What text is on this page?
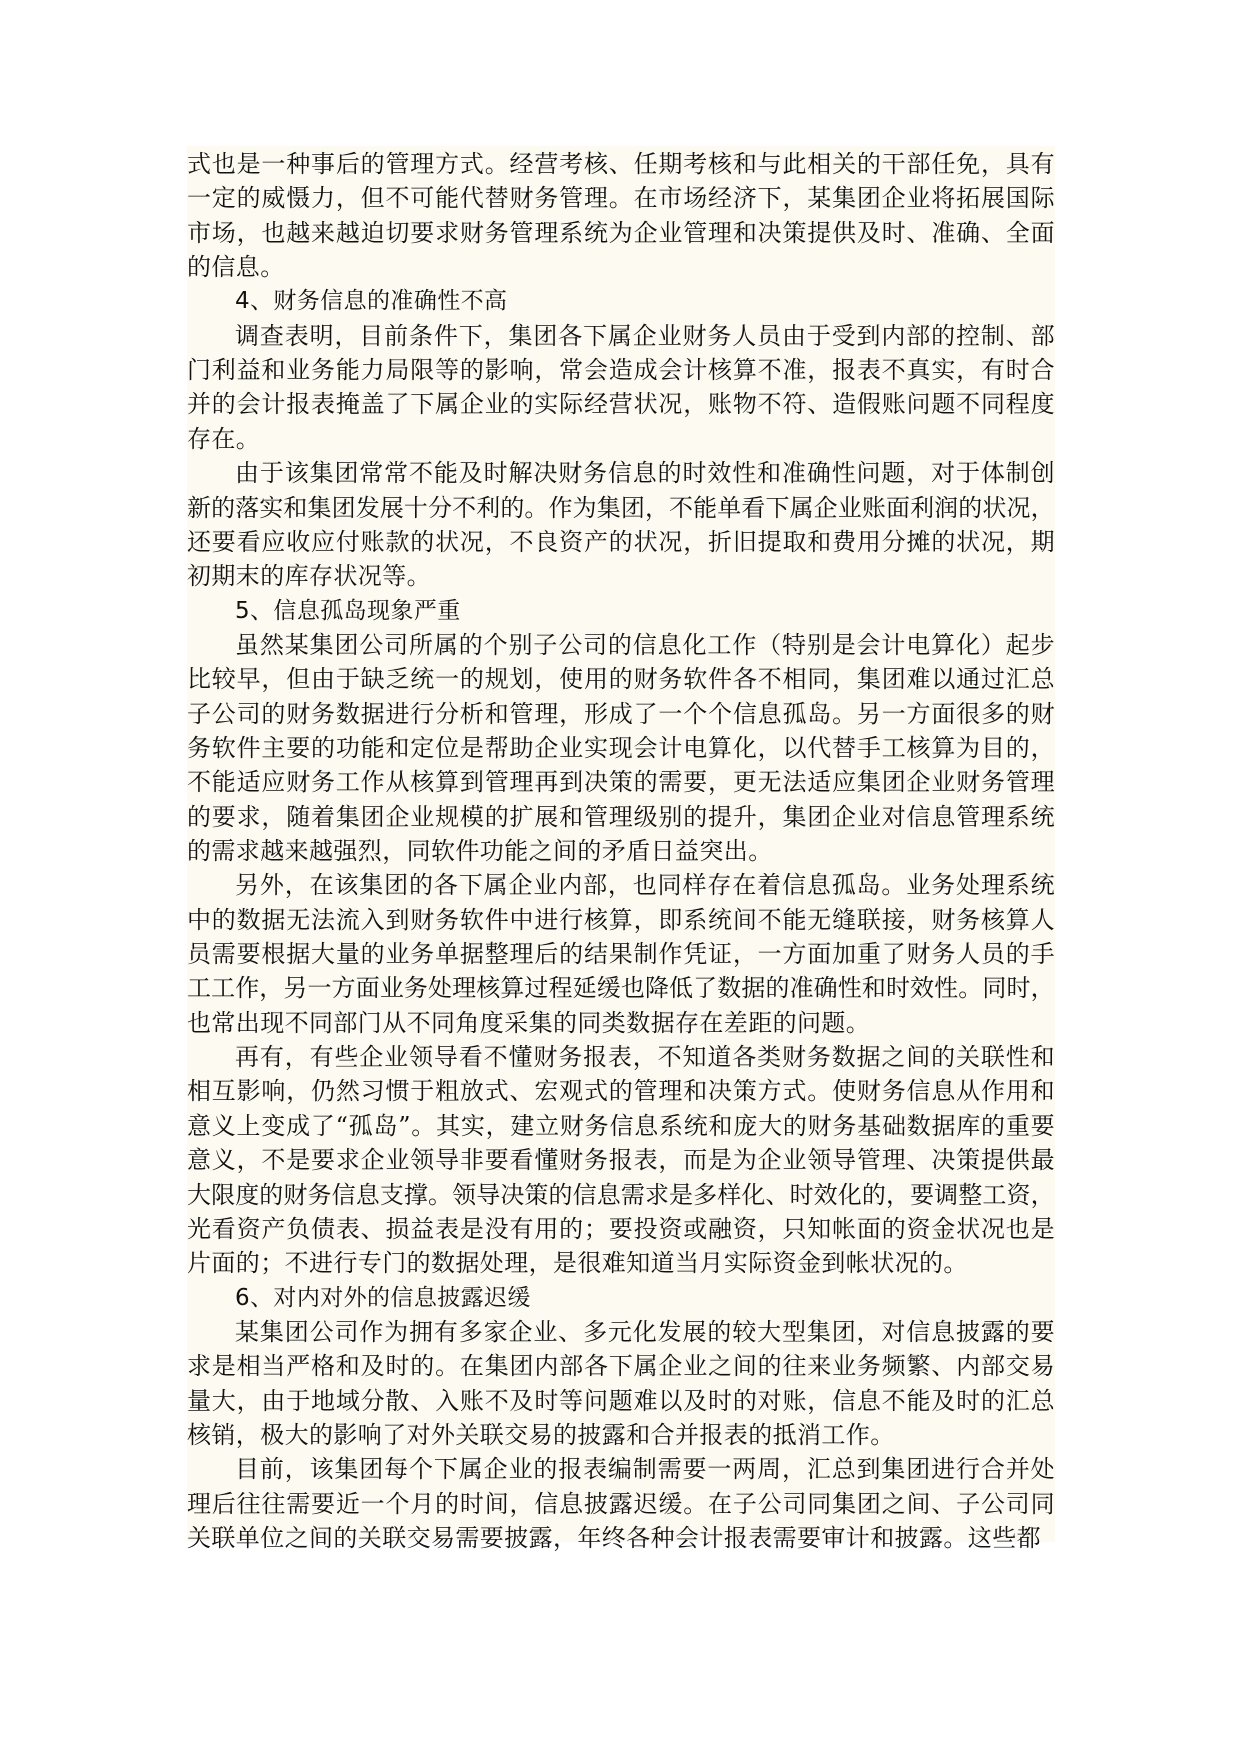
式也是一种事后的管理方式。经营考核、任期考核和与此相关的干部任免，具有
一定的威慑力，但不可能代替财务管理。在市场经济下，某集团企业将拓展国际
市场，也越来越迫切要求财务管理系统为企业管理和决策提供及时、准确、全面
的信息。
4、财务信息的准确性不高
调查表明，目前条件下，集团各下属企业财务人员由于受到内部的控制、部
门利益和业务能力局限等的影响，常会造成会计核算不准，报表不真实，有时合
并的会计报表掩盖了下属企业的实际经营状况，账物不符、造假账问题不同程度
存在。
由于该集团常常不能及时解决财务信息的时效性和准确性问题，对于体制创
新的落实和集团发展十分不利的。作为集团，不能单看下属企业账面利润的状况，
还要看应收应付账款的状况，不良资产的状况，折旧提取和费用分摊的状况，期
初期末的库存状况等。
5、信息孤岛现象严重
虽然某集团公司所属的个别子公司的信息化工作（特别是会计电算化）起步
比较早，但由于缺乏统一的规划，使用的财务软件各不相同，集团难以通过汇总
子公司的财务数据进行分析和管理，形成了一个个信息孤岛。另一方面很多的财
务软件主要的功能和定位是帮助企业实现会计电算化，以代替手工核算为目的，
不能适应财务工作从核算到管理再到决策的需要，更无法适应集团企业财务管理
的要求，随着集团企业规模的扩展和管理级别的提升，集团企业对信息管理系统
的需求越来越强烈，同软件功能之间的矛盾日益突出。
另外，在该集团的各下属企业内部，也同样存在着信息孤岛。业务处理系统
中的数据无法流入到财务软件中进行核算，即系统间不能无缝联接，财务核算人
员需要根据大量的业务单据整理后的结果制作凭证，一方面加重了财务人员的手
工工作，另一方面业务处理核算过程延缓也降低了数据的准确性和时效性。同时，
也常出现不同部门从不同角度采集的同类数据存在差距的问题。
再有，有些企业领导看不懂财务报表，不知道各类财务数据之间的关联性和
相互影响，仍然习惯于粗放式、宏观式的管理和决策方式。使财务信息从作用和
意义上变成了“孤岛”。其实，建立财务信息系统和庞大的财务基础数据库的重要
意义，不是要求企业领导非要看懂财务报表，而是为企业领导管理、决策提供最
大限度的财务信息支撑。领导决策的信息需求是多样化、时效化的，要调整工资，
光看资产负债表、损益表是没有用的；要投资或融资，只知帐面的资金状况也是
片面的；不进行专门的数据处理，是很难知道当月实际资金到帐状况的。
6、对内对外的信息披露迟缓
某集团公司作为拥有多家企业、多元化发展的较大型集团，对信息披露的要
求是相当严格和及时的。在集团内部各下属企业之间的往来业务频繁、内部交易
量大，由于地域分散、入账不及时等问题难以及时的对账，信息不能及时的汇总
核销，极大的影响了对外关联交易的披露和合并报表的抵消工作。
目前，该集团每个下属企业的报表编制需要一两周，汇总到集团进行合并处
理后往往需要近一个月的时间，信息披露迟缓。在子公司同集团之间、子公司同
关联单位之间的关联交易需要披露，年终各种会计报表需要审计和披露。这些都
